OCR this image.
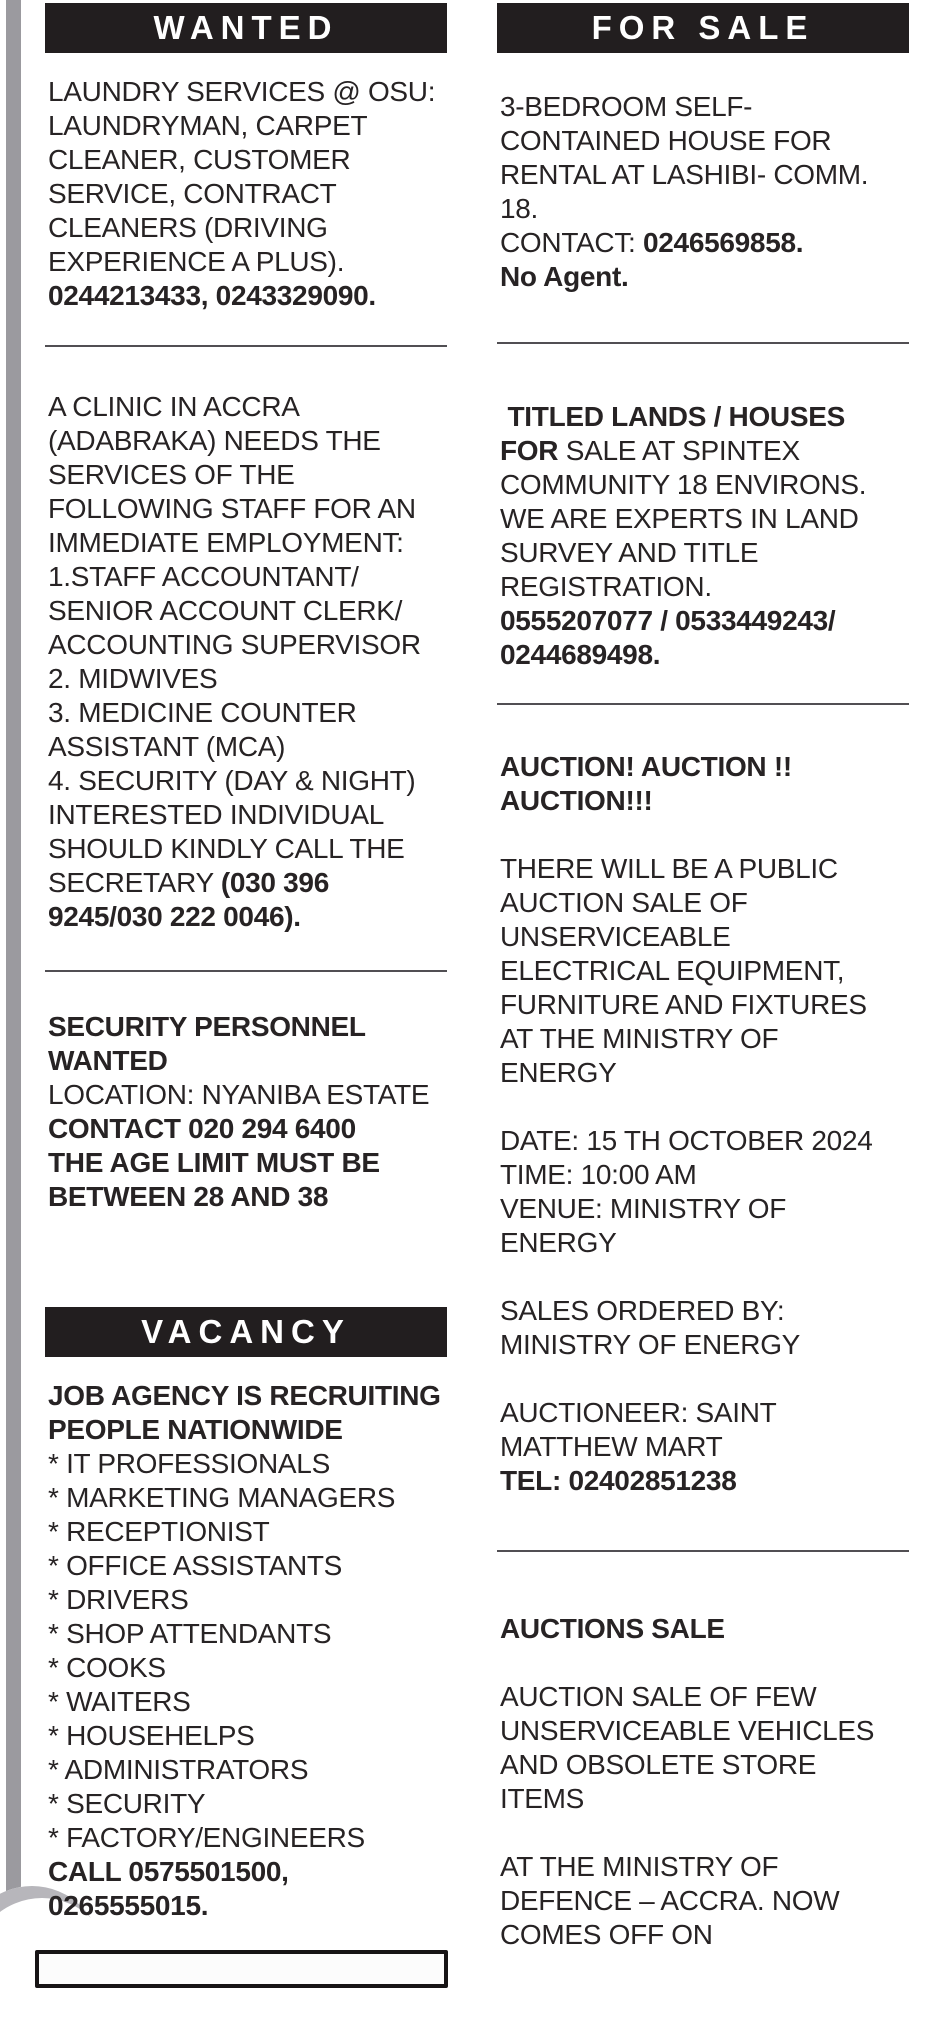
WANTED
LAUNDRY SERVICES @ OSU:
LAUNDRYMAN, CARPET
CLEANER, CUSTOMER
SERVICE, CONTRACT
CLEANERS (DRIVING
EXPERIENCE A PLUS).
0244213433, 0243329090.
A CLINIC IN ACCRA
(ADABRAKA) NEEDS THE
SERVICES OF THE
FOLLOWING STAFF FOR AN
IMMEDIATE EMPLOYMENT:
1.STAFF ACCOUNTANT/
SENIOR ACCOUNT CLERK/
ACCOUNTING SUPERVISOR
2. MIDWIVES
3. MEDICINE COUNTER
ASSISTANT (MCA)
4. SECURITY (DAY & NIGHT)
INTERESTED INDIVIDUAL
SHOULD KINDLY CALL THE
SECRETARY (030 396
9245/030 222 0046).
SECURITY PERSONNEL
WANTED
LOCATION: NYANIBA ESTATE
CONTACT 020 294 6400
THE AGE LIMIT MUST BE
BETWEEN 28 AND 38
VACANCY
JOB AGENCY IS RECRUITING
PEOPLE NATIONWIDE
* IT PROFESSIONALS
* MARKETING MANAGERS
* RECEPTIONIST
* OFFICE ASSISTANTS
* DRIVERS
* SHOP ATTENDANTS
* COOKS
* WAITERS
* HOUSEHELPS
* ADMINISTRATORS
* SECURITY
* FACTORY/ENGINEERS
CALL 0575501500,
0265555015.
FOR SALE
3-BEDROOM SELF-
CONTAINED HOUSE FOR
RENTAL AT LASHIBI- COMM.
18.
CONTACT: 0246569858.
No Agent.
TITLED LANDS / HOUSES
FOR SALE AT SPINTEX
COMMUNITY 18 ENVIRONS.
WE ARE EXPERTS IN LAND
SURVEY AND TITLE
REGISTRATION.
0555207077 / 0533449243/
0244689498.
AUCTION! AUCTION !!
AUCTION!!!

THERE WILL BE A PUBLIC
AUCTION SALE OF
UNSERVICEABLE
ELECTRICAL EQUIPMENT,
FURNITURE AND FIXTURES
AT THE MINISTRY OF
ENERGY

DATE: 15 TH OCTOBER 2024
TIME: 10:00 AM
VENUE: MINISTRY OF
ENERGY

SALES ORDERED BY:
MINISTRY OF ENERGY

AUCTIONEER: SAINT
MATTHEW MART
TEL: 02402851238
AUCTIONS SALE

AUCTION SALE OF FEW
UNSERVICEABLE VEHICLES
AND OBSOLETE STORE
ITEMS

AT THE MINISTRY OF
DEFENCE – ACCRA. NOW
COMES OFF ON
